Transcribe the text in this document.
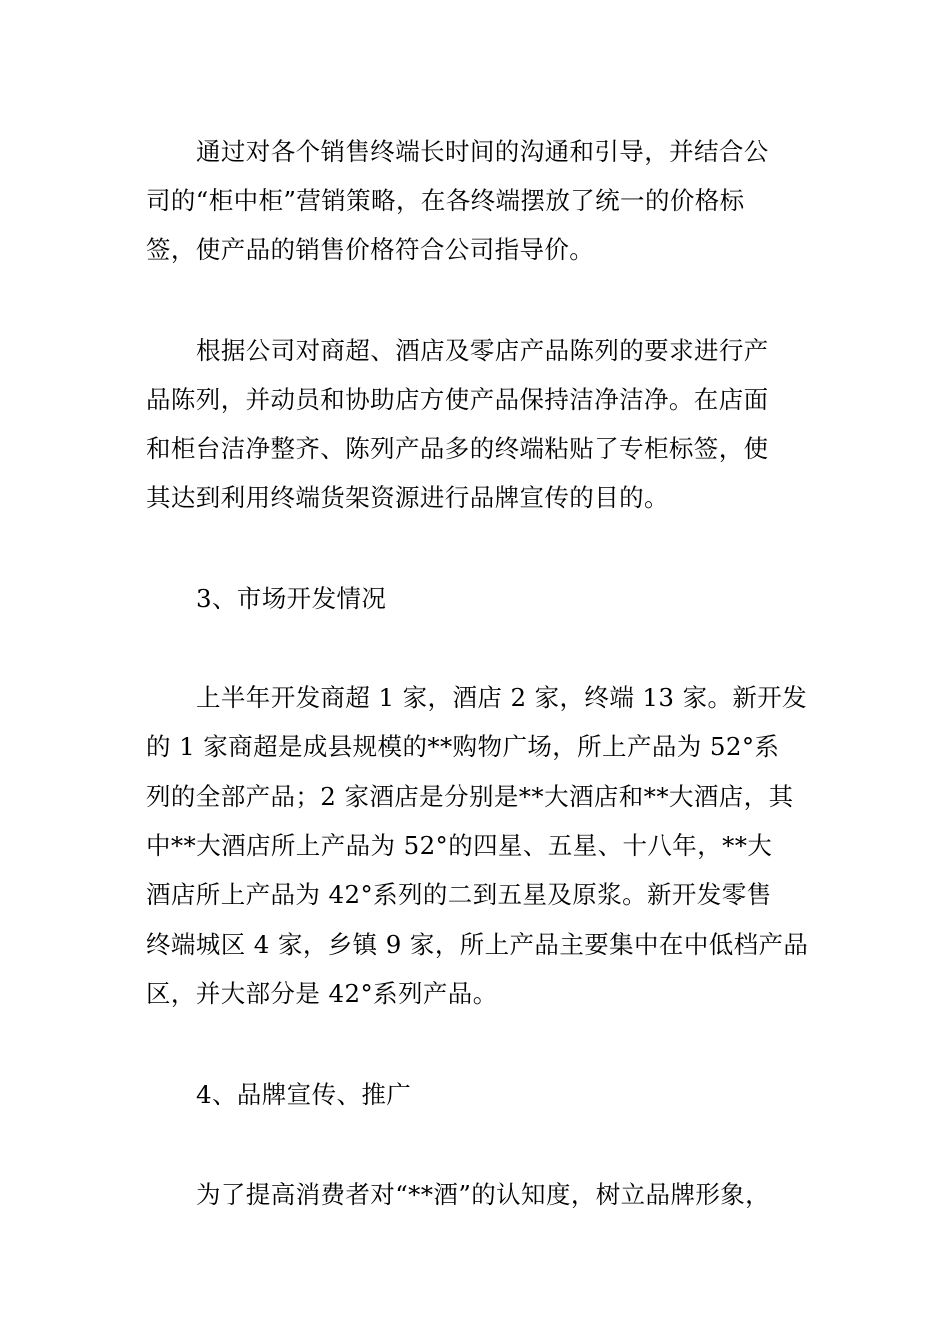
通过对各个销售终端长时间的沟通和引导，并结合公
司的“柜中柜”营销策略，在各终端摆放了统一的价格标
签，使产品的销售价格符合公司指导价。
根据公司对商超、酒店及零店产品陈列的要求进行产
品陈列，并动员和协助店方使产品保持洁净洁净。在店面
和柜台洁净整齐、陈列产品多的终端粘贴了专柜标签，使
其达到利用终端货架资源进行品牌宣传的目的。
3、市场开发情况
上半年开发商超 1 家，酒店 2 家，终端 13 家。新开发
的 1 家商超是成县规模的**购物广场，所上产品为 52°系
列的全部产品；2 家酒店是分别是**大酒店和**大酒店，其
中**大酒店所上产品为 52°的四星、五星、十八年，**大
酒店所上产品为 42°系列的二到五星及原浆。新开发零售
终端城区 4 家，乡镇 9 家，所上产品主要集中在中低档产品
区，并大部分是 42°系列产品。
4、品牌宣传、推广
为了提高消费者对“**酒”的认知度，树立品牌形象，
